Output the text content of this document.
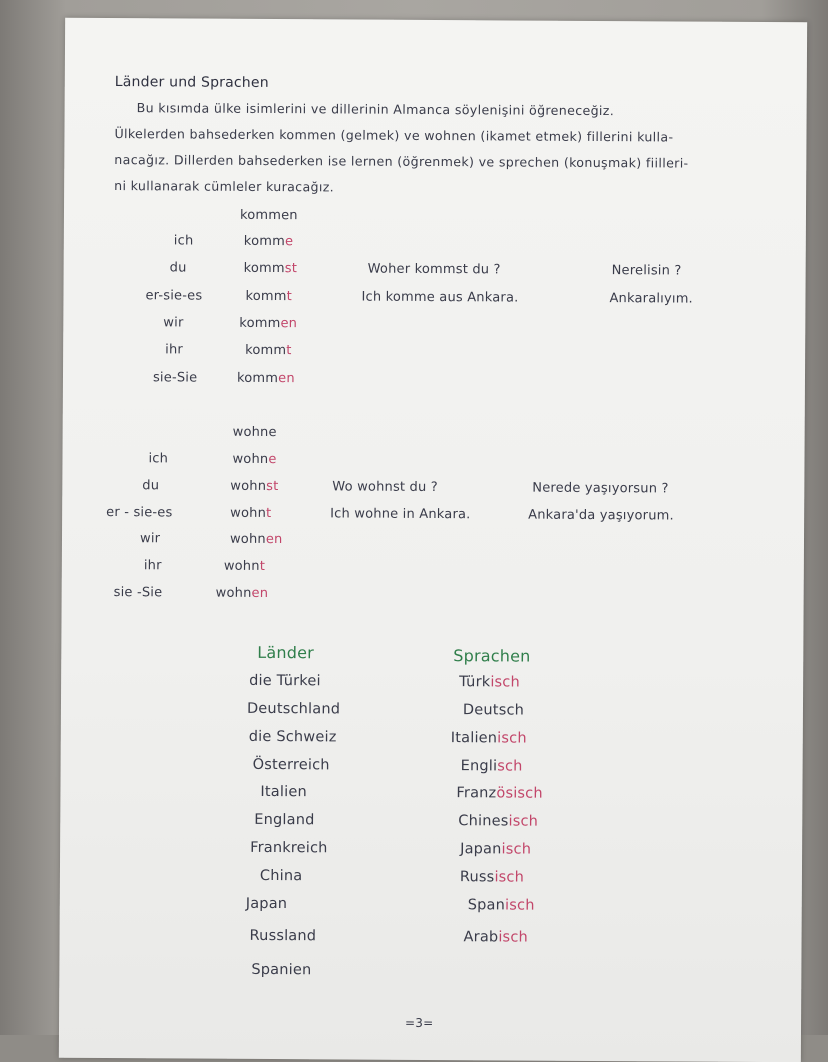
Länder und Sprachen
Bu kısımda ülke isimlerini ve dillerinin Almanca söylenişini öğreneceğiz.
Ülkelerden bahsederken kommen (gelmek) ve wohnen (ikamet etmek) fillerini kulla-
nacağız. Dillerden bahsederken ise lernen (öğrenmek) ve sprechen (konuşmak) fiilleri-
ni kullanarak cümleler kuracağız.
kommen
ich
du
er-sie-es
wir
ihr
sie-Sie
komme
kommst
kommt
kommen
kommt
kommen
Woher kommst du ?
Ich komme aus Ankara.
Nerelisin ?
Ankaralıyım.
wohne
ich
du
er - sie-es
wir
ihr
sie -Sie
wohne
wohnst
wohnt
wohnen
wohnt
wohnen
Wo wohnst du ?
Ich wohne in Ankara.
Nerede yaşıyorsun ?
Ankara'da yaşıyorum.
Länder	Sprachen
die Türkei
Deutschland
die Schweiz
Österreich
Italien
England
Frankreich
China
Japan
Russland
Spanien
Türkisch
Deutsch
Italienisch
Englisch
Französisch
Chinesisch
Japanisch
Russisch
Spanisch
Arabisch
=3=
